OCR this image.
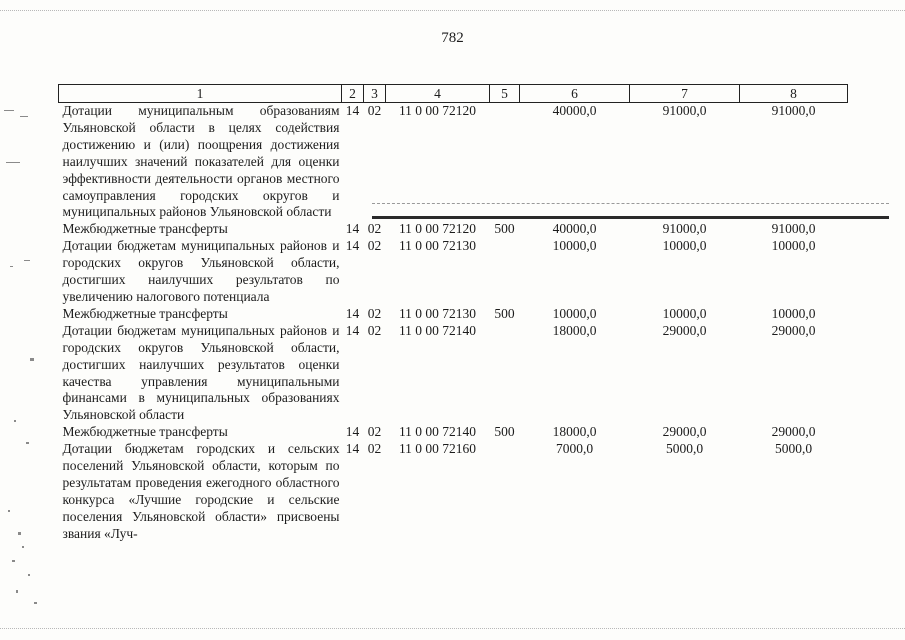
782
1	2	3	4	5	6	7	8
Дотации муниципальным образованиям Ульяновской области в целях содействия достижению и (или) поощрения достижения наилучших значений показателей для оценки эффективности деятельности органов местного самоуправления городских округов и муниципальных районов Ульяновской области	14	02	11 0 00 72120		40000,0	91000,0	91000,0
Межбюджетные трансферты	14	02	11 0 00 72120	500	40000,0	91000,0	91000,0
Дотации бюджетам муниципальных районов и городских округов Ульяновской области, достигших наилучших результатов по увеличению налогового потенциала	14	02	11 0 00 72130		10000,0	10000,0	10000,0
Межбюджетные трансферты	14	02	11 0 00 72130	500	10000,0	10000,0	10000,0
Дотации бюджетам муниципальных районов и городских округов Ульяновской области, достигших наилучших результатов оценки качества управления муниципальными финансами в муниципальных образованиях Ульяновской области	14	02	11 0 00 72140		18000,0	29000,0	29000,0
Межбюджетные трансферты	14	02	11 0 00 72140	500	18000,0	29000,0	29000,0
Дотации бюджетам городских и сельских поселений Ульяновской области, которым по результатам проведения ежегодного областного конкурса «Лучшие городские и сельские поселения Ульяновской области» присвоены звания «Луч-	14	02	11 0 00 72160		7000,0	5000,0	5000,0
